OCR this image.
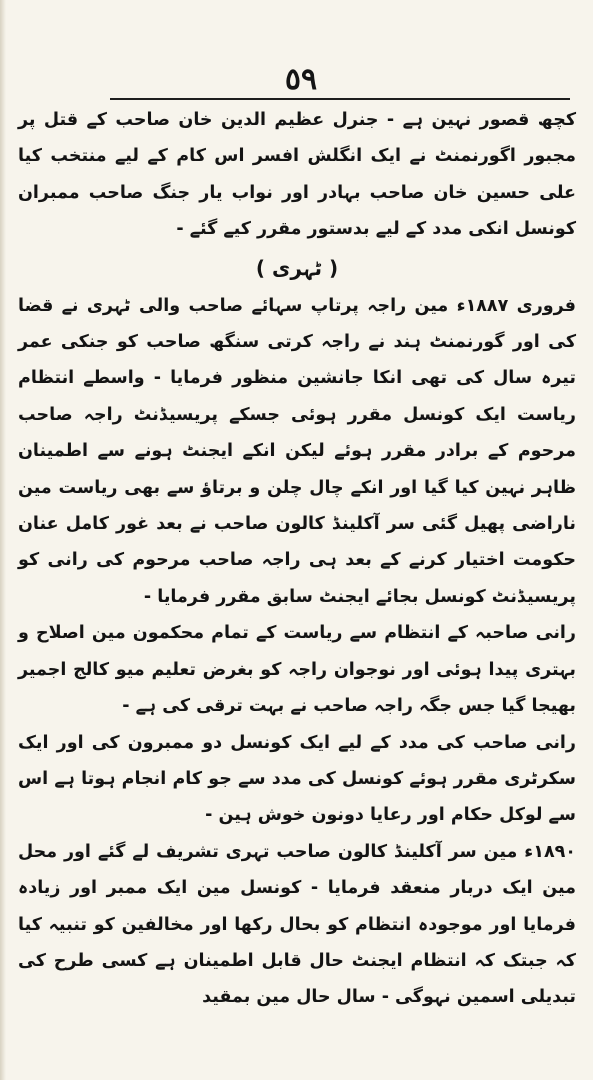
٥٩

کچھ قصور نہین ہے - جنرل عظیم الدین خان صاحب کے قتل پر مجبور اگورنمنٹ نے ایک انگلش افسر اس کام کے لیے منتخب کیا علی حسین خان صاحب بہادر اور نواب یار جنگ صاحب ممبران کونسل انکی مدد کے لیے بدستور مقرر کیے گئے -

( ٹہری )

فروری ۱۸۸۷ء مین راجہ پرتاپ سہائے صاحب والی ٹہری نے قضا کی اور گورنمنٹ ہند نے راجہ کرتی سنگھ صاحب کو جنکی عمر تیرہ سال کی تھی انکا جانشین منظور فرمایا - واسطے انتظام ریاست ایک کونسل مقرر ہوئی جسکے پریسیڈنٹ راجہ صاحب مرحوم کے برادر مقرر ہوئے لیکن انکے ایجنٹ ہونے سے اطمینان ظاہر نہین کیا گیا اور انکے چال چلن و برتاؤ سے بھی ریاست مین ناراضی پھیل گئی سر آکلینڈ کالون صاحب نے بعد غور کامل عنان حکومت اختیار کرنے کے بعد ہی راجہ صاحب مرحوم کی رانی کو پریسیڈنٹ کونسل بجائے ایجنٹ سابق مقرر فرمایا -

رانی صاحبہ کے انتظام سے ریاست کے تمام محکمون مین اصلاح و بہتری پیدا ہوئی اور نوجوان راجہ کو بغرض تعلیم میو کالج اجمیر بھیجا گیا جس جگہ راجہ صاحب نے بہت ترقی کی ہے -

رانی صاحب کی مدد کے لیے ایک کونسل دو ممبرون کی اور ایک سکرٹری مقرر ہوئے کونسل کی مدد سے جو کام انجام ہوتا ہے اس سے لوکل حکام اور رعایا دونون خوش ہین -

۱۸۹۰ء مین سر آکلینڈ کالون صاحب تہری تشریف لے گئے اور محل مین ایک دربار منعقد فرمایا - کونسل مین ایک ممبر اور زیادہ فرمایا اور موجودہ انتظام کو بحال رکھا اور مخالفین کو تنبیہ کیا کہ جبتک کہ انتظام ایجنٹ حال قابل اطمینان ہے کسی طرح کی تبدیلی اسمین نہوگی - سال حال مین بمقید
